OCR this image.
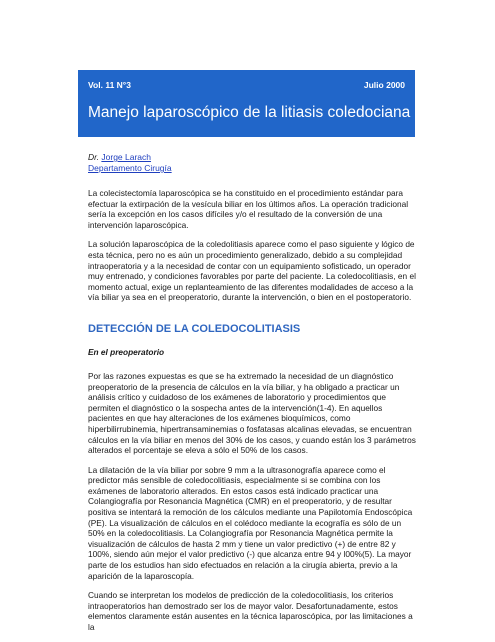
Vol. 11 N°3	Julio 2000
Manejo laparoscópico de la litiasis coledociana
Dr. Jorge Larach
Departamento Cirugía

La colecistectomía laparoscópica se ha constituido en el procedimiento estándar para efectuar la extirpación de la vesícula biliar en los últimos años. La operación tradicional sería la excepción en los casos difíciles y/o el resultado de la conversión de una intervención laparoscópica.

La solución laparoscópica de la coledolitiasis aparece como el paso siguiente y lógico de esta técnica, pero no es aún un procedimiento generalizado, debido a su complejidad intraoperatoria y a la necesidad de contar con un equipamiento sofisticado, un operador muy entrenado, y condiciones favorables por parte del paciente. La coledocolitiasis, en el momento actual, exige un replanteamiento de las diferentes modalidades de acceso a la vía biliar ya sea en el preoperatorio, durante la intervención, o bien en el postoperatorio.

DETECCIÓN DE LA COLEDOCOLITIASIS
En el preoperatorio

Por las razones expuestas es que se ha extremado la necesidad de un diagnóstico preoperatorio de la presencia de cálculos en la vía biliar, y ha obligado a practicar un análisis crítico y cuidadoso de los exámenes de laboratorio y procedimientos que permiten el diagnóstico o la sospecha antes de la intervención(1-4). En aquellos pacientes en que hay alteraciones de los exámenes bioquímicos, como hiperbilirrubinemia, hipertransaminemias o fosfatasas alcalinas elevadas, se encuentran cálculos en la vía biliar en menos del 30% de los casos, y cuando están los 3 parámetros alterados el porcentaje se eleva a sólo el 50% de los casos.

La dilatación de la vía biliar por sobre 9 mm a la ultrasonografía aparece como el predictor más sensible de coledocolitiasis, especialmente si se combina con los exámenes de laboratorio alterados. En estos casos está indicado practicar una Colangiografía por Resonancia Magnética (CMR) en el preoperatorio, y de resultar positiva se intentará la remoción de los cálculos mediante una Papilotomía Endoscópica (PE). La visualización de cálculos en el colédoco mediante la ecografía es sólo de un 50% en la coledocolitiasis. La Colangiografía por Resonancia Magnética permite la visualización de cálculos de hasta 2 mm y tiene un valor predictivo (+) de entre 82 y 100%, siendo aún mejor el valor predictivo (-) que alcanza entre 94 y l00%(5). La mayor parte de los estudios han sido efectuados en relación a la cirugía abierta, previo a la aparición de la laparoscopía.

Cuando se interpretan los modelos de predicción de la coledocolitiasis, los criterios intraoperatorios han demostrado ser los de mayor valor. Desafortunadamente, estos elementos claramente están ausentes en la técnica laparoscópica, por las limitaciones a la
